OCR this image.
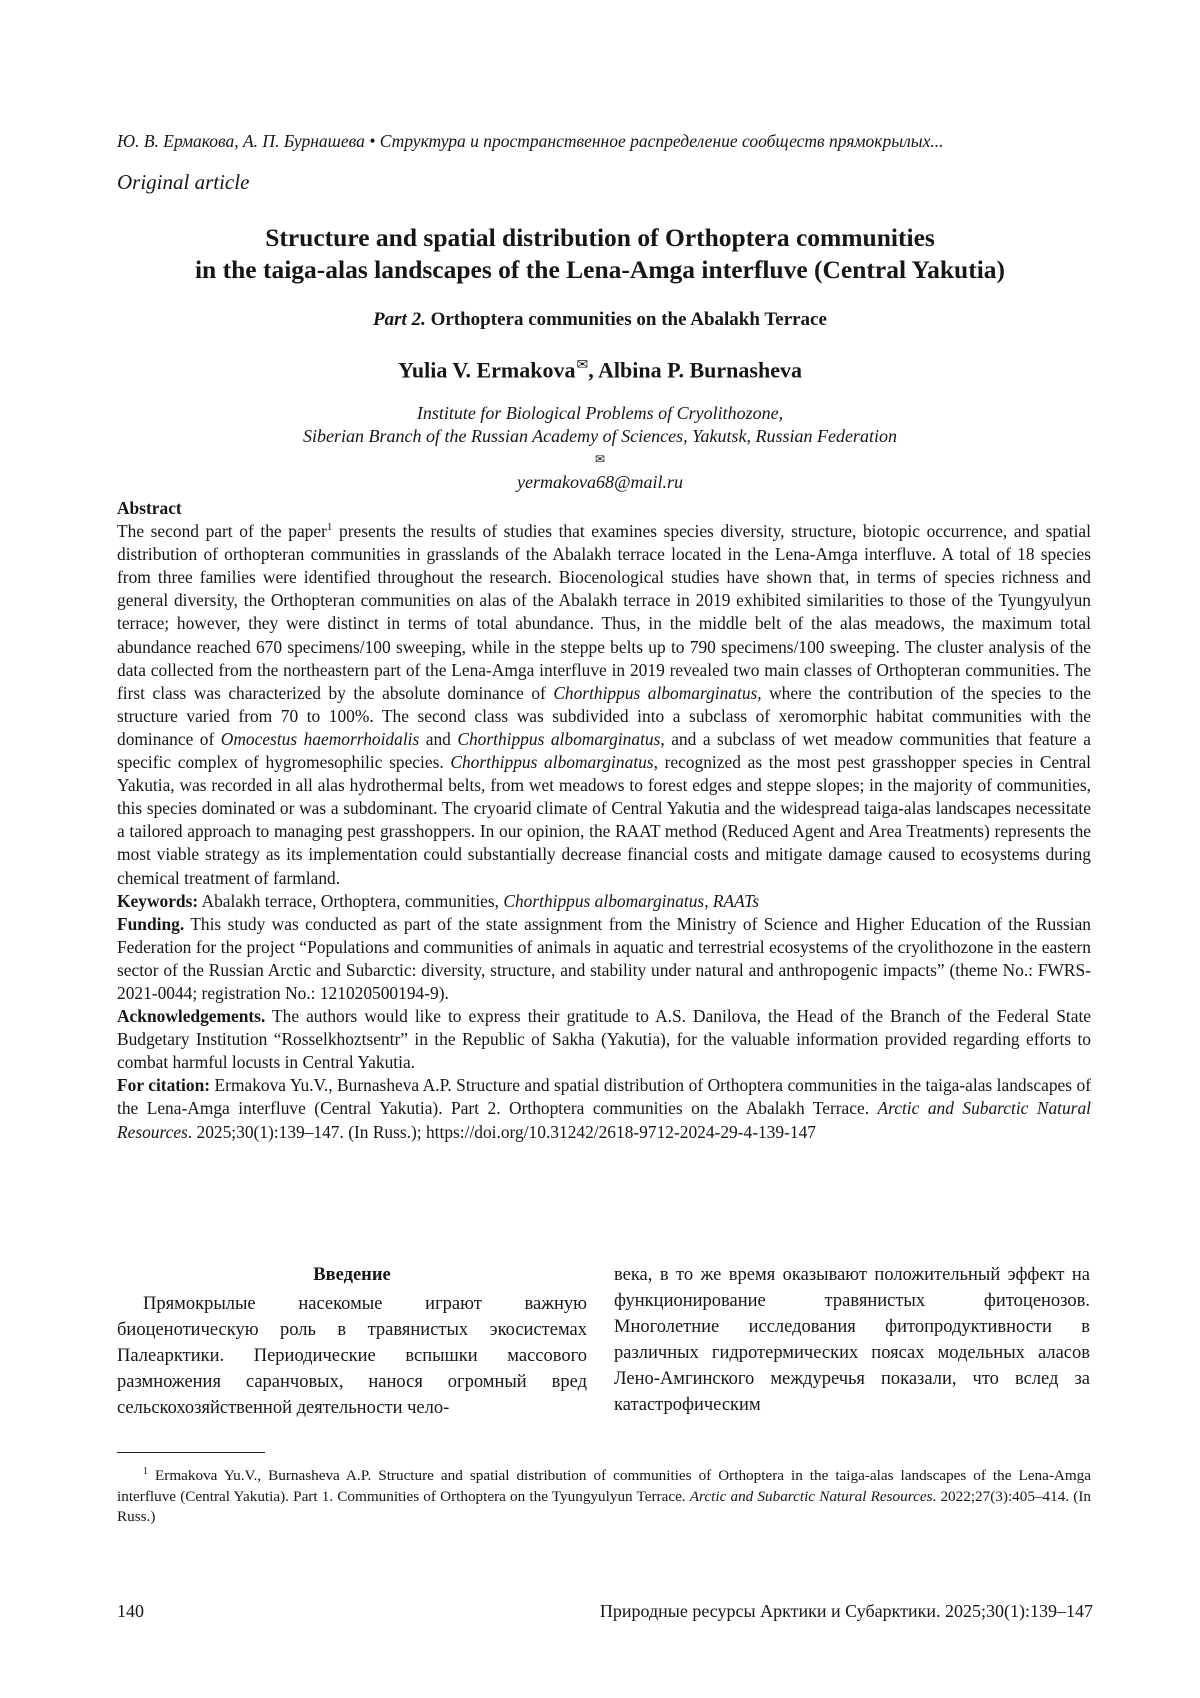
Ю. В. Ермакова, А. П. Бурнашева • Структура и пространственное распределение сообществ прямокрылых...
Original article
Structure and spatial distribution of Orthoptera communities
in the taiga-alas landscapes of the Lena-Amga interfluve (Central Yakutia)
Part 2. Orthoptera communities on the Abalakh Terrace
Yulia V. Ermakova✉, Albina P. Burnasheva
Institute for Biological Problems of Cryolithozone,
Siberian Branch of the Russian Academy of Sciences, Yakutsk, Russian Federation
✉
yermakova68@mail.ru
Abstract

The second part of the paper$^1$ presents the results of studies that examines species diversity, structure, biotopic occurrence, and spatial distribution of orthopteran communities in grasslands of the Abalakh terrace located in the Lena-Amga interfluve. A total of 18 species from three families were identified throughout the research. Biocenological studies have shown that, in terms of species richness and general diversity, the Orthopteran communities on alas of the Abalakh terrace in 2019 exhibited similarities to those of the Tyungyulyun terrace; however, they were distinct in terms of total abundance. Thus, in the middle belt of the alas meadows, the maximum total abundance reached 670 specimens/100 sweeping, while in the steppe belts up to 790 specimens/100 sweeping. The cluster analysis of the data collected from the northeastern part of the Lena-Amga interfluve in 2019 revealed two main classes of Orthopteran communities. The first class was characterized by the absolute dominance of Chorthippus albomarginatus, where the contribution of the species to the structure varied from 70 to 100%. The second class was subdivided into a subclass of xeromorphic habitat communities with the dominance of Omocestus haemorrhoidalis and Chorthippus albomarginatus, and a subclass of wet meadow communities that feature a specific complex of hygromesophilic species. Chorthippus albomarginatus, recognized as the most pest grasshopper species in Central Yakutia, was recorded in all alas hydrothermal belts, from wet meadows to forest edges and steppe slopes; in the majority of communities, this species dominated or was a subdominant. The cryoarid climate of Central Yakutia and the widespread taiga-alas landscapes necessitate a tailored approach to managing pest grasshoppers. In our opinion, the RAAT method (Reduced Agent and Area Treatments) represents the most viable strategy as its implementation could substantially decrease financial costs and mitigate damage caused to ecosystems during chemical treatment of farmland.

Keywords: Abalakh terrace, Orthoptera, communities, Chorthippus albomarginatus, RAATs

Funding. This study was conducted as part of the state assignment from the Ministry of Science and Higher Education of the Russian Federation for the project “Populations and communities of animals in aquatic and terrestrial ecosystems of the cryolithozone in the eastern sector of the Russian Arctic and Subarctic: diversity, structure, and stability under natural and anthropogenic impacts” (theme No.: FWRS-2021-0044; registration No.: 121020500194-9).

Acknowledgements. The authors would like to express their gratitude to A.S. Danilova, the Head of the Branch of the Federal State Budgetary Institution “Rosselkhoztsentr” in the Republic of Sakha (Yakutia), for the valuable information provided regarding efforts to combat harmful locusts in Central Yakutia.

For citation: Ermakova Yu.V., Burnasheva A.P. Structure and spatial distribution of Orthoptera communities in the taiga-alas landscapes of the Lena-Amga interfluve (Central Yakutia). Part 2. Orthoptera communities on the Abalakh Terrace. Arctic and Subarctic Natural Resources. 2025;30(1):139–147. (In Russ.); https://doi.org/10.31242/2618-9712-2024-29-4-139-147

Введение

Прямокрылые насекомые играют важную биоценотическую роль в травянистых экосистемах Палеарктики. Периодические вспышки массового размножения саранчовых, нанося огромный вред сельскохозяйственной деятельности чело-

века, в то же время оказывают положительный эффект на функционирование травянистых фитоценозов. Многолетние исследования фитопродуктивности в различных гидротермических поясах модельных аласов Лено-Амгинского междуречья показали, что вслед за катастрофическим

$^1$ Ermakova Yu.V., Burnasheva A.P. Structure and spatial distribution of communities of Orthoptera in the taiga-alas landscapes of the Lena-Amga interfluve (Central Yakutia). Part 1. Communities of Orthoptera on the Tyungyulyun Terrace. Arctic and Subarctic Natural Resources. 2022;27(3):405–414. (In Russ.)
140	Природные ресурсы Арктики и Субарктики. 2025;30(1):139–147
